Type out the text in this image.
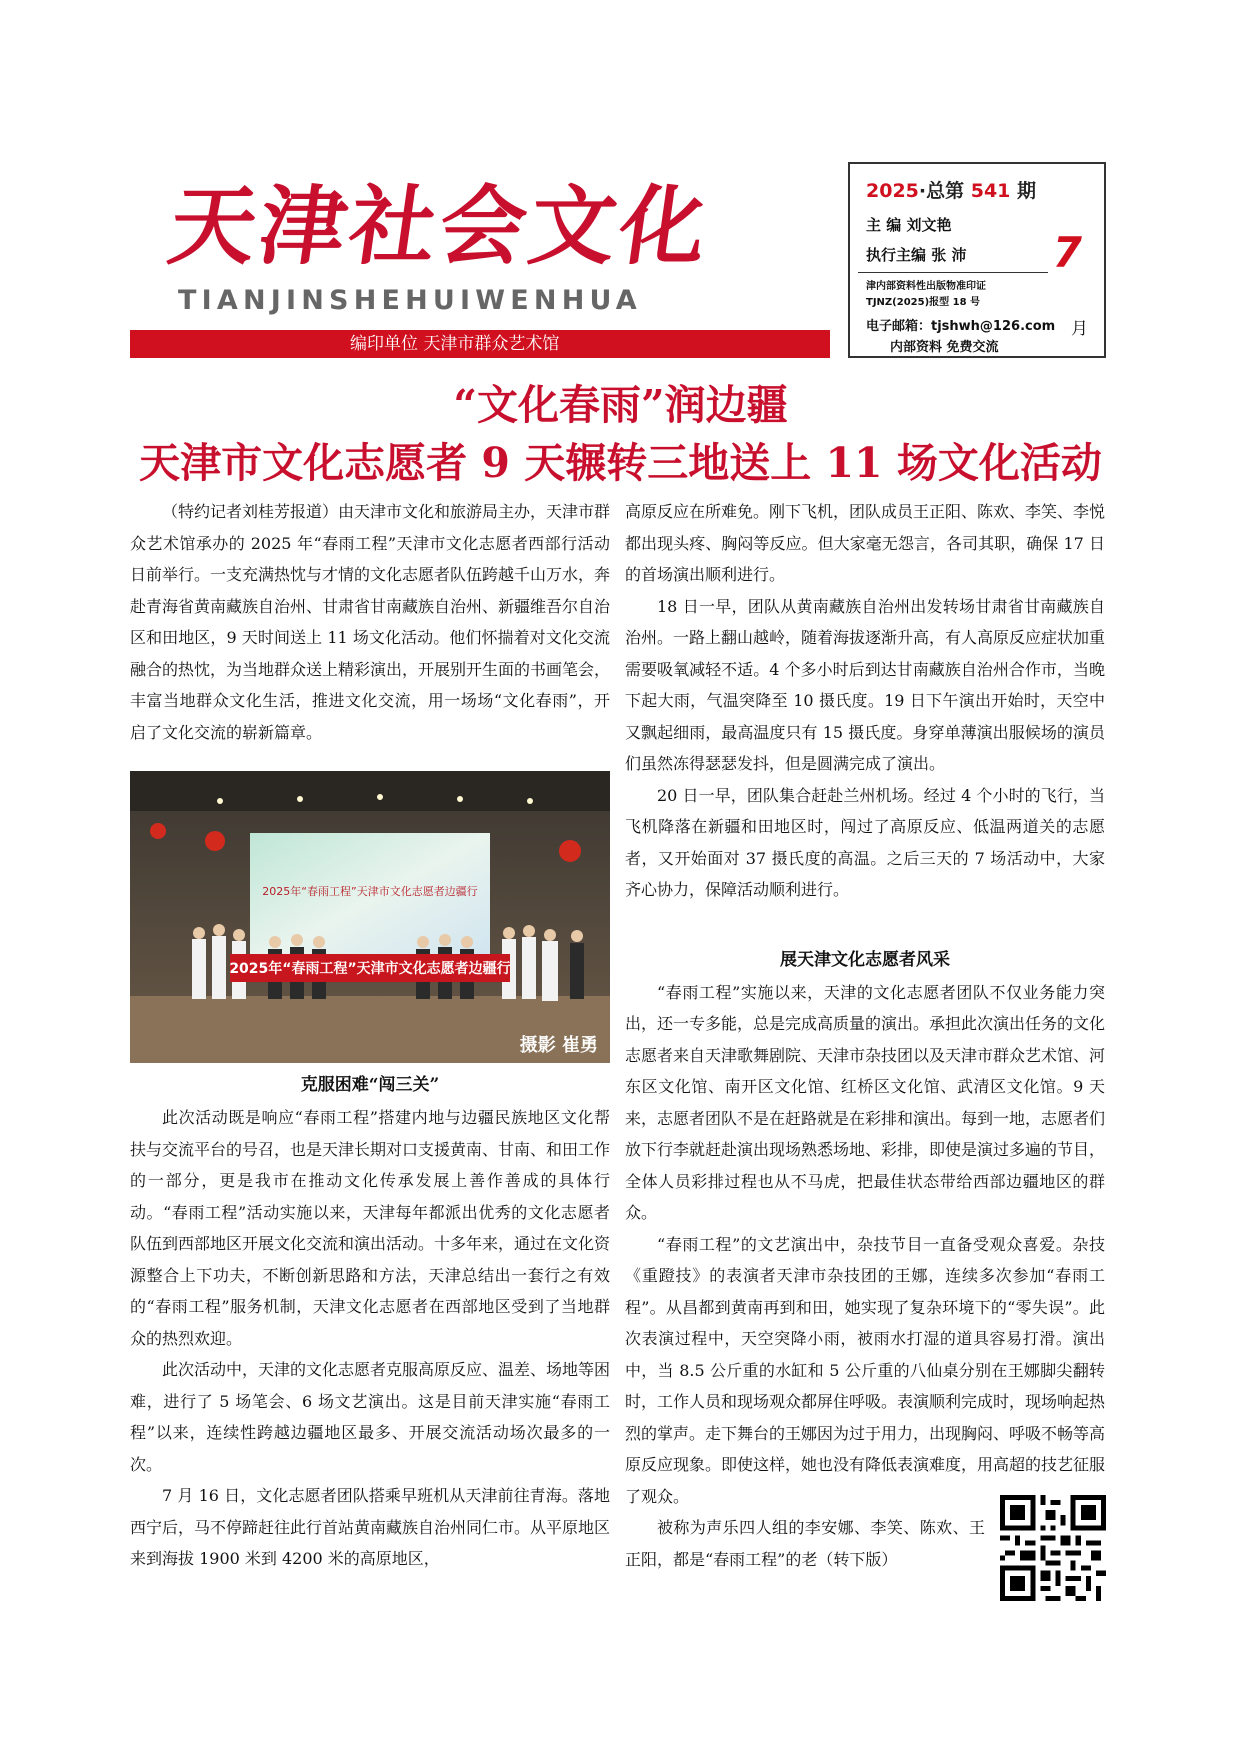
天津社会文化
TIANJINSHEHUIWENHUA
编印单位 天津市群众艺术馆
2025·总第 541 期
主 编 刘文艳
执行主编 张 沛 7
津内部资料性出版物准印证
TJNZ(2025)报型 18 号
电子邮箱：tjshwh@126.com
内部资料 免费交流
月
“文化春雨”润边疆
天津市文化志愿者 9 天辗转三地送上 11 场文化活动

（特约记者刘桂芳报道）由天津市文化和旅游局主办，天津市群众艺术馆承办的 2025 年“春雨工程”天津市文化志愿者西部行活动日前举行。一支充满热忱与才情的文化志愿者队伍跨越千山万水，奔赴青海省黄南藏族自治州、甘肃省甘南藏族自治州、新疆维吾尔自治区和田地区，9 天时间送上 11 场文化活动。他们怀揣着对文化交流融合的热忱，为当地群众送上精彩演出，开展别开生面的书画笔会，丰富当地群众文化生活，推进文化交流，用一场场“文化春雨”，开启了文化交流的崭新篇章。

2025年“春雨工程”天津市文化志愿者边疆行
2025年“春雨工程”天津市文化志愿者边疆行
摄影 崔勇
克服困难“闯三关”

此次活动既是响应“春雨工程”搭建内地与边疆民族地区文化帮扶与交流平台的号召，也是天津长期对口支援黄南、甘南、和田工作的一部分，更是我市在推动文化传承发展上善作善成的具体行动。“春雨工程”活动实施以来，天津每年都派出优秀的文化志愿者队伍到西部地区开展文化交流和演出活动。十多年来，通过在文化资源整合上下功夫，不断创新思路和方法，天津总结出一套行之有效的“春雨工程”服务机制，天津文化志愿者在西部地区受到了当地群众的热烈欢迎。

此次活动中，天津的文化志愿者克服高原反应、温差、场地等困难，进行了 5 场笔会、6 场文艺演出。这是目前天津实施“春雨工程”以来，连续性跨越边疆地区最多、开展交流活动场次最多的一次。

7 月 16 日，文化志愿者团队搭乘早班机从天津前往青海。落地西宁后，马不停蹄赶往此行首站黄南藏族自治州同仁市。从平原地区来到海拔 1900 米到 4200 米的高原地区，

高原反应在所难免。刚下飞机，团队成员王正阳、陈欢、李笑、李悦都出现头疼、胸闷等反应。但大家毫无怨言，各司其职，确保 17 日的首场演出顺利进行。

18 日一早，团队从黄南藏族自治州出发转场甘肃省甘南藏族自治州。一路上翻山越岭，随着海拔逐渐升高，有人高原反应症状加重需要吸氧减轻不适。4 个多小时后到达甘南藏族自治州合作市，当晚下起大雨，气温突降至 10 摄氏度。19 日下午演出开始时，天空中又飘起细雨，最高温度只有 15 摄氏度。身穿单薄演出服候场的演员们虽然冻得瑟瑟发抖，但是圆满完成了演出。

20 日一早，团队集合赶赴兰州机场。经过 4 个小时的飞行，当飞机降落在新疆和田地区时，闯过了高原反应、低温两道关的志愿者，又开始面对 37 摄氏度的高温。之后三天的 7 场活动中，大家齐心协力，保障活动顺利进行。

展天津文化志愿者风采

“春雨工程”实施以来，天津的文化志愿者团队不仅业务能力突出，还一专多能，总是完成高质量的演出。承担此次演出任务的文化志愿者来自天津歌舞剧院、天津市杂技团以及天津市群众艺术馆、河东区文化馆、南开区文化馆、红桥区文化馆、武清区文化馆。9 天来，志愿者团队不是在赶路就是在彩排和演出。每到一地，志愿者们放下行李就赶赴演出现场熟悉场地、彩排，即使是演过多遍的节目，全体人员彩排过程也从不马虎，把最佳状态带给西部边疆地区的群众。

“春雨工程”的文艺演出中，杂技节目一直备受观众喜爱。杂技《重蹬技》的表演者天津市杂技团的王娜，连续多次参加“春雨工程”。从昌都到黄南再到和田，她实现了复杂环境下的“零失误”。此次表演过程中，天空突降小雨，被雨水打湿的道具容易打滑。演出中，当 8.5 公斤重的水缸和 5 公斤重的八仙桌分别在王娜脚尖翻转时，工作人员和现场观众都屏住呼吸。表演顺利完成时，现场响起热烈的掌声。走下舞台的王娜因为过于用力，出现胸闷、呼吸不畅等高原反应现象。即使这样，她也没有降低表演难度，用高超的技艺征服了观众。

被称为声乐四人组的李安娜、李笑、陈欢、王正阳，都是“春雨工程”的老（转下版）
